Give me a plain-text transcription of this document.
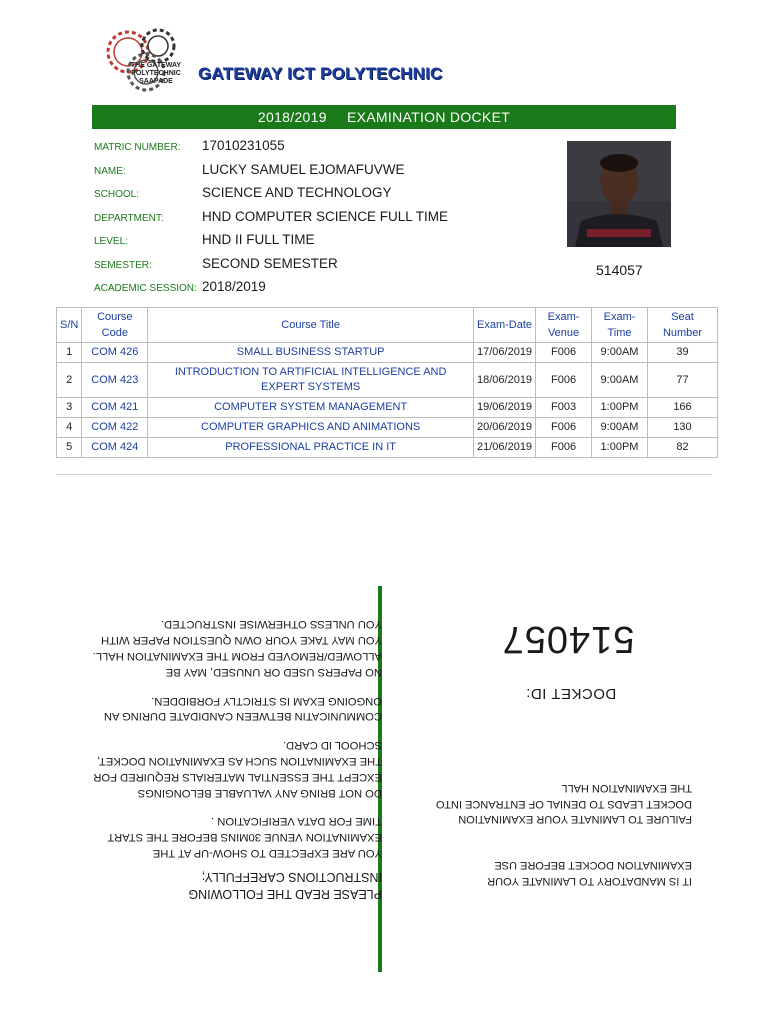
THE GATEWAY
POLYTECHNIC
SAAPADE	GATEWAY ICT POLYTECHNIC
2018/2019 EXAMINATION DOCKET
MATRIC NUMBER: 17010231055
NAME:	LUCKY SAMUEL EJOMAFUVWE
SCHOOL:	SCIENCE AND TECHNOLOGY
DEPARTMENT:	HND COMPUTER SCIENCE FULL TIME
LEVEL:	HND II FULL TIME
SEMESTER:	SECOND SEMESTER
ACADEMIC SESSION: 2018/2019
514057
S/N	Course Code	Course Title	Exam-Date	Exam-Venue	Exam-Time	Seat Number
1	COM 426	SMALL BUSINESS STARTUP	17/06/2019	F006	9:00AM	39
2	COM 423	INTRODUCTION TO ARTIFICIAL INTELLIGENCE AND EXPERT SYSTEMS	18/06/2019	F006	9:00AM	77
3	COM 421	COMPUTER SYSTEM MANAGEMENT	19/06/2019	F003	1:00PM	166
4	COM 422	COMPUTER GRAPHICS AND ANIMATIONS	20/06/2019	F006	9:00AM	130
5	COM 424	PROFESSIONAL PRACTICE IN IT	21/06/2019	F006	1:00PM	82

PLEASE READ THE FOLLOWING INSTRUCTIONS CAREFFULLY;

YOU ARE EXPECTED TO SHOW-UP AT THE EXAMINATION VENUE 30MINS BEFORE THE START TIME FOR DATA VERIFICATION .

DO NOT BRING ANY VALUABLE BELONGINGS EXCEPT THE ESSENTIAL MATERIALS REQUIRED FOR THE EXAMINATION SUCH AS EXAMINATION DOCKET, SCHOOL ID CARD.

COMMUNICATIN BETWEEN CANDIDATE DURING AN ONGOING EXAM IS STRICTLY FORBIDDEN.

NO PAPERS USED OR UNUSED, MAY BE ALLOWED/REMOVED FROM THE EXAMINATION HALL. YOU MAY TAKE YOUR OWN QUESTION PAPER WITH YOU UNLESS OTHERWISE INSTRUCTED.

IT IS MANDATORY TO LAMINATE YOUR EXAMINATION DOCKET BEFORE USE

FAILURE TO LAMINATE YOUR EXAMINATION DOCKET LEADS TO DENIAL OF ENTRANCE INTO THE EXAMINATION HALL

DOCKET ID:
514057
